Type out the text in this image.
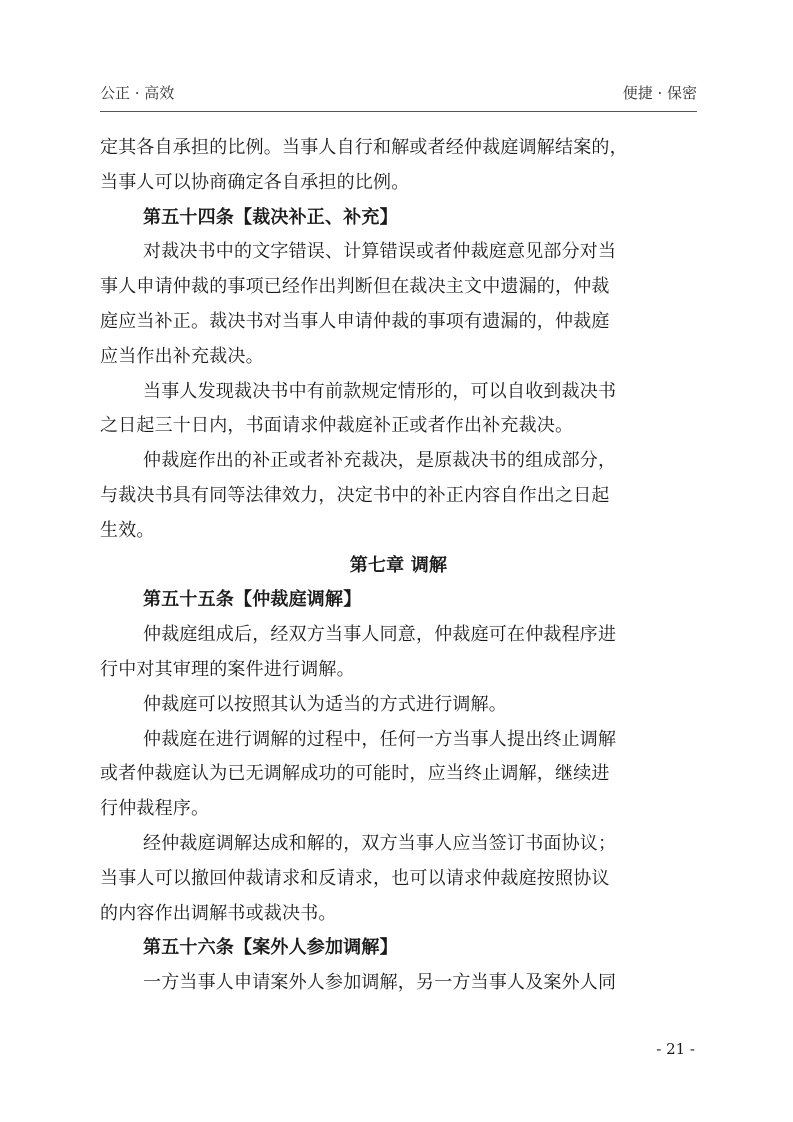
公正 · 高效	便捷 · 保密
定其各自承担的比例。当事人自行和解或者经仲裁庭调解结案的，
当事人可以协商确定各自承担的比例。
第五十四条【裁决补正、补充】
对裁决书中的文字错误、计算错误或者仲裁庭意见部分对当
事人申请仲裁的事项已经作出判断但在裁决主文中遗漏的，仲裁
庭应当补正。裁决书对当事人申请仲裁的事项有遗漏的，仲裁庭
应当作出补充裁决。
当事人发现裁决书中有前款规定情形的，可以自收到裁决书
之日起三十日内，书面请求仲裁庭补正或者作出补充裁决。
仲裁庭作出的补正或者补充裁决，是原裁决书的组成部分，
与裁决书具有同等法律效力，决定书中的补正内容自作出之日起
生效。
第七章 调解
第五十五条【仲裁庭调解】
仲裁庭组成后，经双方当事人同意，仲裁庭可在仲裁程序进
行中对其审理的案件进行调解。
仲裁庭可以按照其认为适当的方式进行调解。
仲裁庭在进行调解的过程中，任何一方当事人提出终止调解
或者仲裁庭认为已无调解成功的可能时，应当终止调解，继续进
行仲裁程序。
经仲裁庭调解达成和解的，双方当事人应当签订书面协议；
当事人可以撤回仲裁请求和反请求，也可以请求仲裁庭按照协议
的内容作出调解书或裁决书。
第五十六条【案外人参加调解】
一方当事人申请案外人参加调解，另一方当事人及案外人同
- 21 -
